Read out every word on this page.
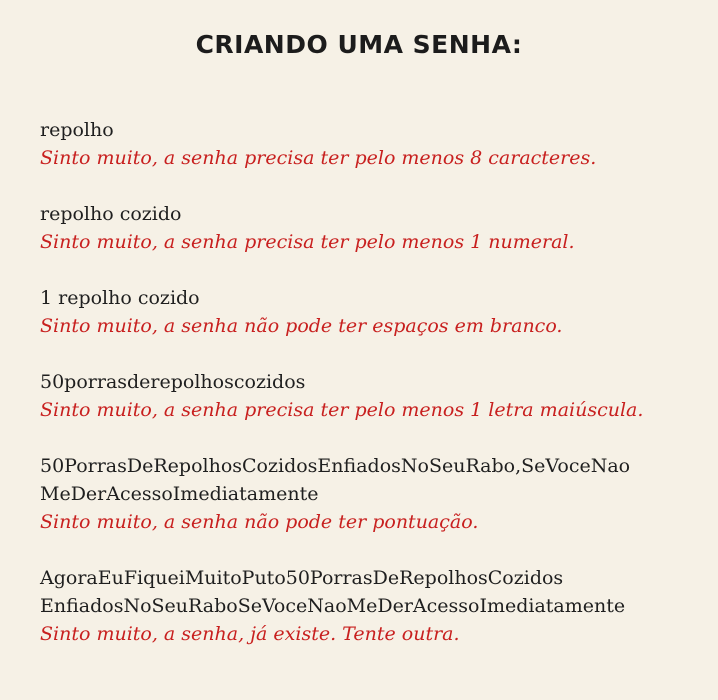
CRIANDO UMA SENHA:
repolho
Sinto muito, a senha precisa ter pelo menos 8 caracteres.
repolho cozido
Sinto muito, a senha precisa ter pelo menos 1 numeral.
1 repolho cozido
Sinto muito, a senha não pode ter espaços em branco.
50porrasderepolhoscozidos
Sinto muito, a senha precisa ter pelo menos 1 letra maiúscula.
50PorrasDeRepolhosCozidosEnfiadosNoSeuRabo,SeVoceNao
MeDerAcessoImediatamente
Sinto muito, a senha não pode ter pontuação.
AgoraEuFiqueiMuitoPuto50PorrasDeRepolhosCozidos
EnfiadosNoSeuRaboSeVoceNaoMeDerAcessoImediatamente
Sinto muito, a senha, já existe. Tente outra.
